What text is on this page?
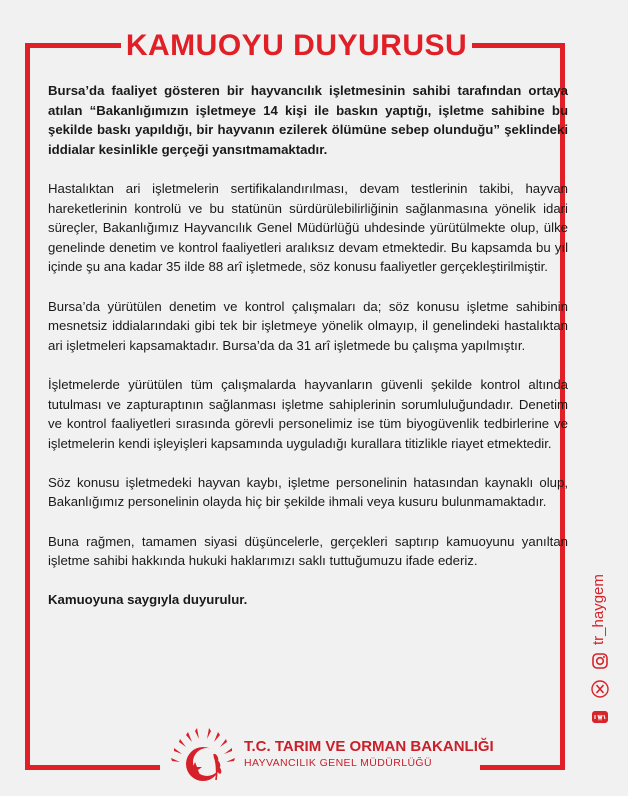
KAMUOYU DUYURUSU

Bursa’da faaliyet gösteren bir hayvancılık işletmesinin sahibi tarafından ortaya atılan “Bakanlığımızın işletmeye 14 kişi ile baskın yaptığı, işletme sahibine bu şekilde baskı yapıldığı, bir hayvanın ezilerek ölümüne sebep olunduğu” şeklindeki iddialar kesinlikle gerçeği yansıtmamaktadır.

Hastalıktan ari işletmelerin sertifikalandırılması, devam testlerinin takibi, hayvan hareketlerinin kontrolü ve bu statünün sürdürülebilirliğinin sağlanmasına yönelik idari süreçler, Bakanlığımız Hayvancılık Genel Müdürlüğü uhdesinde yürütülmekte olup, ülke genelinde denetim ve kontrol faaliyetleri aralıksız devam etmektedir. Bu kapsamda bu yıl içinde şu ana kadar 35 ilde 88 arî işletmede, söz konusu faaliyetler gerçekleştirilmiştir.

Bursa’da yürütülen denetim ve kontrol çalışmaları da; söz konusu işletme sahibinin mesnetsiz iddialarındaki gibi tek bir işletmeye yönelik olmayıp, il genelindeki hastalıktan ari işletmeleri kapsamaktadır. Bursa’da da 31 arî işletmede bu çalışma yapılmıştır.

İşletmelerde yürütülen tüm çalışmalarda hayvanların güvenli şekilde kontrol altında tutulması ve zapturaptının sağlanması işletme sahiplerinin sorumluluğundadır. Denetim ve kontrol faaliyetleri sırasında görevli personelimiz ise tüm biyogüvenlik tedbirlerine ve işletmelerin kendi işleyişleri kapsamında uyguladığı kurallara titizlikle riayet etmektedir.

Söz konusu işletmedeki hayvan kaybı, işletme personelinin hatasından kaynaklı olup, Bakanlığımız personelinin olayda hiç bir şekilde ihmali veya kusuru bulunmamaktadır.

Buna rağmen, tamamen siyasi düşüncelerle, gerçekleri saptırıp kamuoyunu yanıltan işletme sahibi hakkında hukuki haklarımızı saklı tuttuğumuzu ifade ederiz.

Kamuoyuna saygıyla duyurulur.

T.C. TARIM VE ORMAN BAKANLIĞI
HAYVANCILIK GENEL MÜDÜRLÜĞÜ
tr_haygem
